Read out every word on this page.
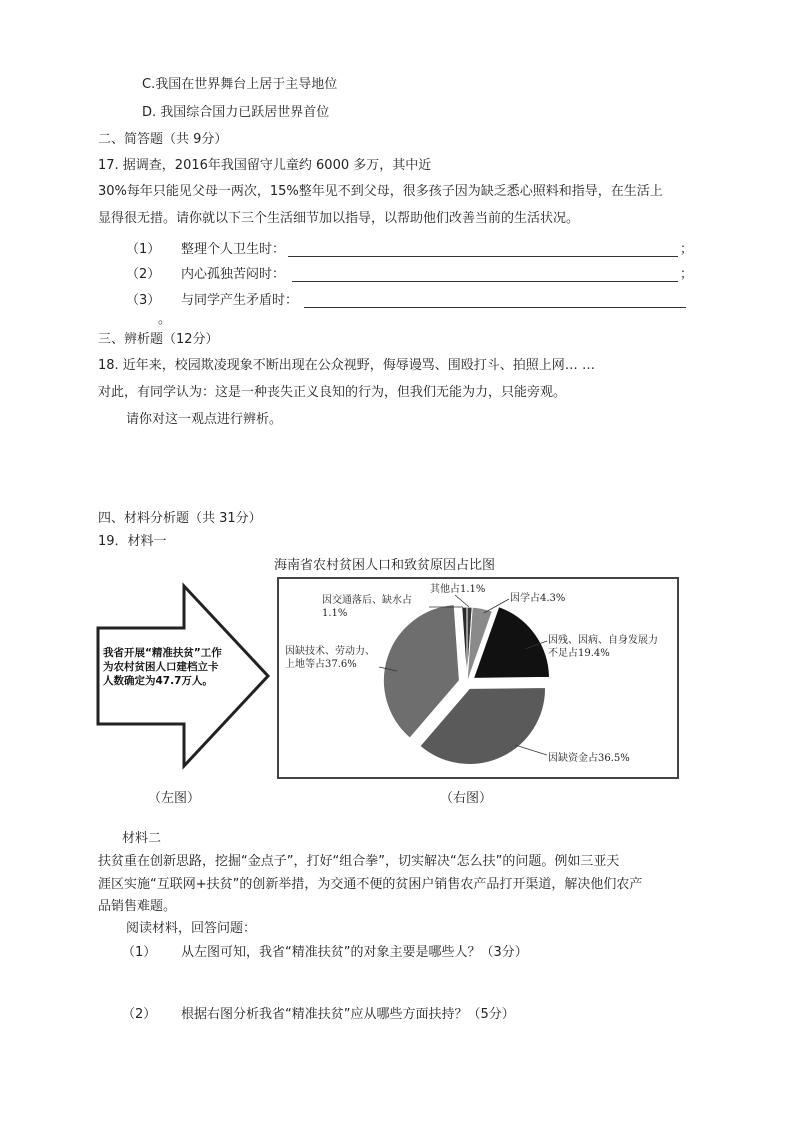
C.我国在世界舞台上居于主导地位
D. 我国综合国力已跃居世界首位
二、简答题（共 9分）
17. 据调查，2016年我国留守儿童约 6000 多万，其中近
30%每年只能见父母一两次，15%整年见不到父母，很多孩子因为缺乏悉心照料和指导，在生活上
显得很无措。请你就以下三个生活细节加以指导，以帮助他们改善当前的生活状况。
（1） 整理个人卫生时：	；
（2） 内心孤独苦闷时：	；
（3） 与同学产生矛盾时：
。
三、辨析题（12分）
18. 近年来，校园欺凌现象不断出现在公众视野，侮辱谩骂、围殴打斗、拍照上网… …
对此，有同学认为：这是一种丧失正义良知的行为，但我们无能为力，只能旁观。
请你对这一观点进行辨析。
四、材料分析题（共 31分）
19．材料一
海南省农村贫困人口和致贫原因占比图
我省开展“精准扶贫”工作 为农村贫困人口建档立卡 人数确定为47.7万人。
其他占1.1%
因学占4.3%
因残、因病、自身发展力不足占19.4%
因缺资金占36.5%
因缺技术、劳动力、上地等占37.6%
因交通落后、缺水占1.1%
（左图）	（右图）
材料二
扶贫重在创新思路，挖掘“金点子”，打好“组合拳”，切实解决“怎么扶”的问题。例如三亚天
涯区实施“互联网+扶贫”的创新举措，为交通不便的贫困户销售农产品打开渠道，解决他们农产
品销售难题。
阅读材料，回答问题：
（1） 从左图可知，我省“精准扶贫”的对象主要是哪些人？（3分）
（2） 根据右图分析我省“精准扶贫”应从哪些方面扶持？（5分）
